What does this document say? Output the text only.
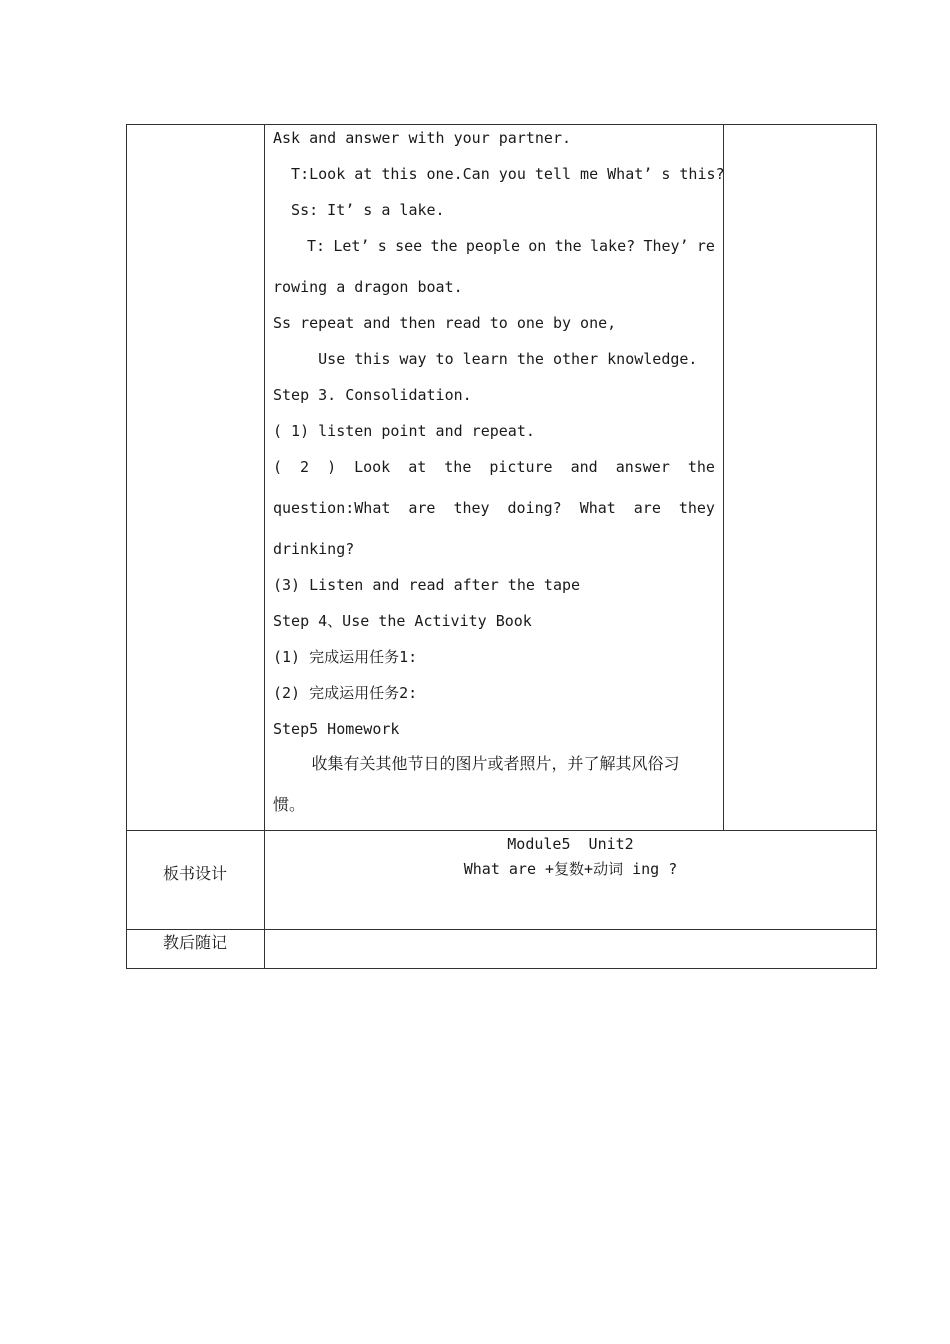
Ask and answer with your partner.
T:Look at this one.Can you tell me What’ s this?
Ss: It’ s a lake.
T: Let’ s see the people on the lake? They’ re
rowing a dragon boat.
Ss repeat and then read to one by one,
Use this way to learn the other knowledge.
Step 3. Consolidation.
( 1) listen point and repeat.
( 2 ) Look at the picture and answer the
question:What are they doing? What are they
drinking?
(3) Listen and read after the tape
Step 4、Use the Activity Book
(1) 完成运用任务1:
(2) 完成运用任务2:
Step5 Homework
收集有关其他节日的图片或者照片，并了解其风俗习
惯。
板书设计
Module5  Unit2
What are +复数+动词 ing ?
教后随记
